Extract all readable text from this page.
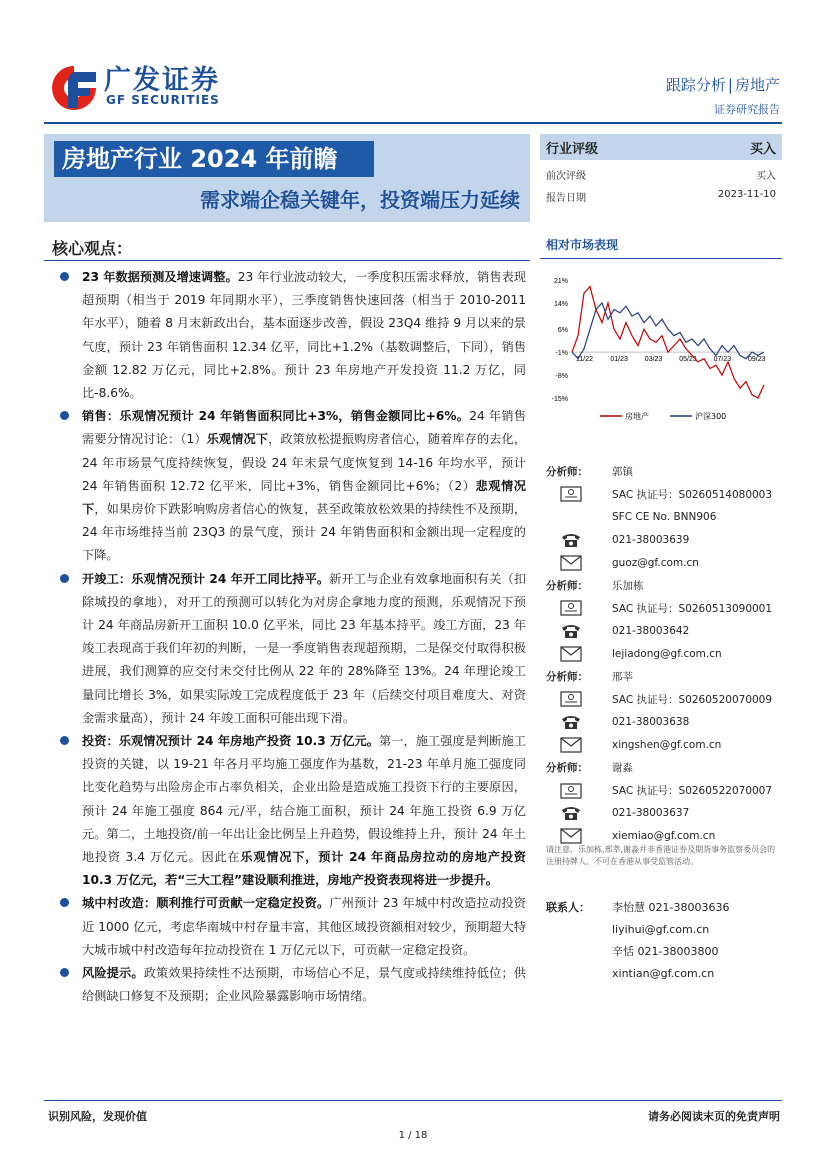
广发证券
GF SECURITIES
跟踪分析 | 房地产
证券研究报告
房地产行业 2024 年前瞻
需求端企稳关键年，投资端压力延续
行业评级	买入
前次评级	买入
报告日期	2023-11-10
核心观点：	相对市场表现
23 年数据预测及增速调整。23 年行业波动较大，一季度积压需求释放，销售表现超预期（相当于 2019 年同期水平），三季度销售快速回落（相当于 2010-2011 年水平），随着 8 月末新政出台，基本面逐步改善，假设 23Q4 维持 9 月以来的景气度，预计 23 年销售面积 12.34 亿平，同比+1.2%（基数调整后，下同），销售金额 12.82 万亿元，同比+2.8%。预计 23 年房地产开发投资 11.2 万亿，同比-8.6%。
销售：乐观情况预计 24 年销售面积同比+3%，销售金额同比+6%。24 年销售需要分情况讨论：（1）乐观情况下，政策放松提振购房者信心，随着库存的去化，24 年市场景气度持续恢复，假设 24 年末景气度恢复到 14-16 年均水平，预计 24 年销售面积 12.72 亿平米，同比+3%，销售金额同比+6%；（2）悲观情况下，如果房价下跌影响购房者信心的恢复，甚至政策放松效果的持续性不及预期，24 年市场维持当前 23Q3 的景气度，预计 24 年销售面积和金额出现一定程度的下降。
开竣工：乐观情况预计 24 年开工同比持平。新开工与企业有效拿地面积有关（扣除城投的拿地），对开工的预测可以转化为对房企拿地力度的预测，乐观情况下预计 24 年商品房新开工面积 10.0 亿平米，同比 23 年基本持平。竣工方面，23 年竣工表现高于我们年初的判断，一是一季度销售表现超预期，二是保交付取得积极进展，我们测算的应交付未交付比例从 22 年的 28%降至 13%。24 年理论竣工量同比增长 3%，如果实际竣工完成程度低于 23 年（后续交付项目难度大、对资金需求量高），预计 24 年竣工面积可能出现下滑。
投资：乐观情况预计 24 年房地产投资 10.3 万亿元。第一，施工强度是判断施工投资的关键，以 19-21 年各月平均施工强度作为基数，21-23 年单月施工强度同比变化趋势与出险房企市占率负相关，企业出险是造成施工投资下行的主要原因，预计 24 年施工强度 864 元/平，结合施工面积，预计 24 年施工投资 6.9 万亿元。第二，土地投资/前一年出让金比例呈上升趋势，假设维持上升，预计 24 年土地投资 3.4 万亿元。因此在乐观情况下，预计 24 年商品房拉动的房地产投资 10.3 万亿元，若“三大工程”建设顺利推进，房地产投资表现将进一步提升。
城中村改造：顺利推行可贡献一定稳定投资。广州预计 23 年城中村改造拉动投资近 1000 亿元，考虑华南城中村存量丰富，其他区域投资额相对较少，预期超大特大城市城中村改造每年拉动投资在 1 万亿元以下，可贡献一定稳定投资。
风险提示。政策效果持续性不达预期，市场信心不足，景气度或持续维持低位；供给侧缺口修复不及预期；企业风险暴露影响市场情绪。
21%
14%
6%
-1%
-8%
-15%
11/22 01/23 03/23 05/23 07/23 09/23
房地产	沪深300
分析师：	郭镇
SAC 执证号：S0260514080003
SFC CE No. BNN906
021-38003639
guoz@gf.com.cn
分析师：	乐加栋
SAC 执证号：S0260513090001
021-38003642
lejiadong@gf.com.cn
分析师：	邢莘
SAC 执证号：S0260520070009
021-38003638
xingshen@gf.com.cn
分析师：	谢淼
SAC 执证号：S0260522070007
021-38003637
xiemiao@gf.com.cn
请注意，乐加栋,邢莘,谢淼并非香港证券及期货事务监察委员会的注册持牌人，不可在香港从事受监管活动。
联系人：	李怡慧 021-38003636
liyihui@gf.com.cn
辛恬 021-38003800
xintian@gf.com.cn
识别风险，发现价值	请务必阅读末页的免责声明
1 / 18
